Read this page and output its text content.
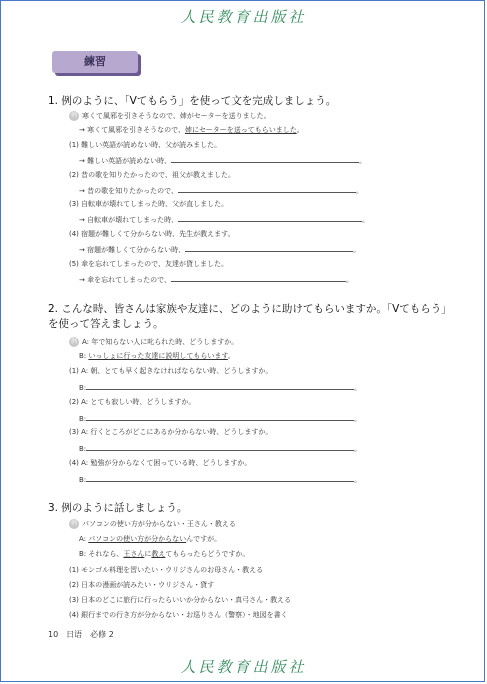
人民教育出版社
練習
1. 例のように、「Vてもらう」を使って文を完成しましょう。
例 寒くて風邪を引きそうなので、姉がセーターを送りました。
→ 寒くて風邪を引きそうなので、姉にセーターを送ってもらいました。
(1) 難しい英語が読めない時、父が読みました。
→ 難しい英語が読めない時、	。
(2) 昔の歌を知りたかったので、祖父が教えました。
→ 昔の歌を知りたかったので、	。
(3) 自転車が壊れてしまった時、父が直しました。
→ 自転車が壊れてしまった時、	。
(4) 宿題が難しくて分からない時、先生が教えます。
→ 宿題が難しくて分からない時、	。
(5) 傘を忘れてしまったので、友達が貸しました。
→ 傘を忘れてしまったので、	。
2. こんな時、皆さんは家族や友達に、どのように助けてもらいますか。「Vてもらう」を使って答えましょう。
例 A: 年で知らない人に叱られた時、どうしますか。
B: いっしょに行った友達に説明してもらいます。
(1) A: 朝、とても早く起きなければならない時、どうしますか。
B:	。
(2) A: とても寂しい時、どうしますか。
B:	。
(3) A: 行くところがどこにあるか分からない時、どうしますか。
B:	。
(4) A: 勉強が分からなくて困っている時、どうしますか。
B:	。
3. 例のように話しましょう。
例 パソコンの使い方が分からない・王さん・教える
A: パソコンの使い方が分からないんですが。
B: それなら、王さんに教えてもらったらどうですか。
(1) モンゴル料理を習いたい・ウリジさんのお母さん・教える
(2) 日本の漫画が読みたい・ウリジさん・貸す
(3) 日本のどこに旅行に行ったらいいか分からない・真弓さん・教える
(4) 銀行までの行き方が分からない・お巡りさん（警察）・地図を書く
10　日语　必修 2
人民教育出版社
